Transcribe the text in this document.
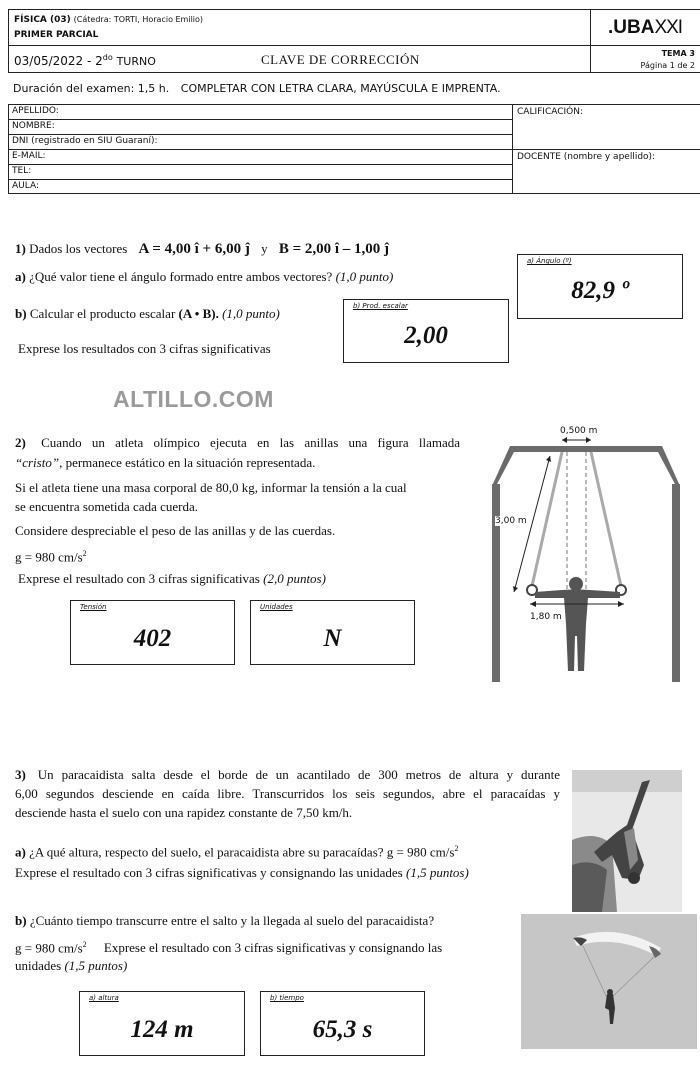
FÍSICA (03) (Cátedra: TORTI, Horacio Emilio)
PRIMER PARCIAL	.UBAXXI
$03/05/2022 - 2^{do}$ TURNO	CLAVE DE CORRECCIÓN	TEMA 3
Página 1 de 2
Duración del examen: 1,5 h. COMPLETAR CON LETRA CLARA, MAYÚSCULA E IMPRENTA.
APELLIDO:
NOMBRE:
DNI (registrado en SIU Guaraní):
E-MAIL:
TEL:
AULA:
CALIFICACIÓN:
DOCENTE (nombre y apellido):
1) Dados los vectores A = 4,00 î + 6,00 ĵ y B = 2,00 î – 1,00 ĵ
a) ¿Qué valor tiene el ángulo formado entre ambos vectores? (1,0 punto)
b) Calcular el producto escalar (A • B). (1,0 punto)
Exprese los resultados con 3 cifras significativas
a) Ángulo (º)
82,9 º
b) Prod. escalar
2,00
ALTILLO.COM
2) Cuando un atleta olímpico ejecuta en las anillas una figura llamada
“cristo”, permanece estático en la situación representada.
Si el atleta tiene una masa corporal de 80,0 kg, informar la tensión a la cual
se encuentra sometida cada cuerda.
Considere despreciable el peso de las anillas y de las cuerdas.
g = 980 $cm/s^2$
Exprese el resultado con 3 cifras significativas (2,0 puntos)
Tensión
402
Unidades
N
0,500 m
3,00 m
1,80 m
3) Un paracaidista salta desde el borde de un acantilado de 300 metros de altura y durante
6,00 segundos desciende en caída libre. Transcurridos los seis segundos, abre el paracaídas y
desciende hasta el suelo con una rapidez constante de 7,50 km/h.
a) ¿A qué altura, respecto del suelo, el paracaidista abre su paracaídas? g = 980 $cm/s^2$
Exprese el resultado con 3 cifras significativas y consignando las unidades (1,5 puntos)
b) ¿Cuánto tiempo transcurre entre el salto y la llegada al suelo del paracaidista?
g = 980 $cm/s^2$ Exprese el resultado con 3 cifras significativas y consignando las
unidades (1,5 puntos)
a) altura
124 m
b) tiempo
65,3 s
